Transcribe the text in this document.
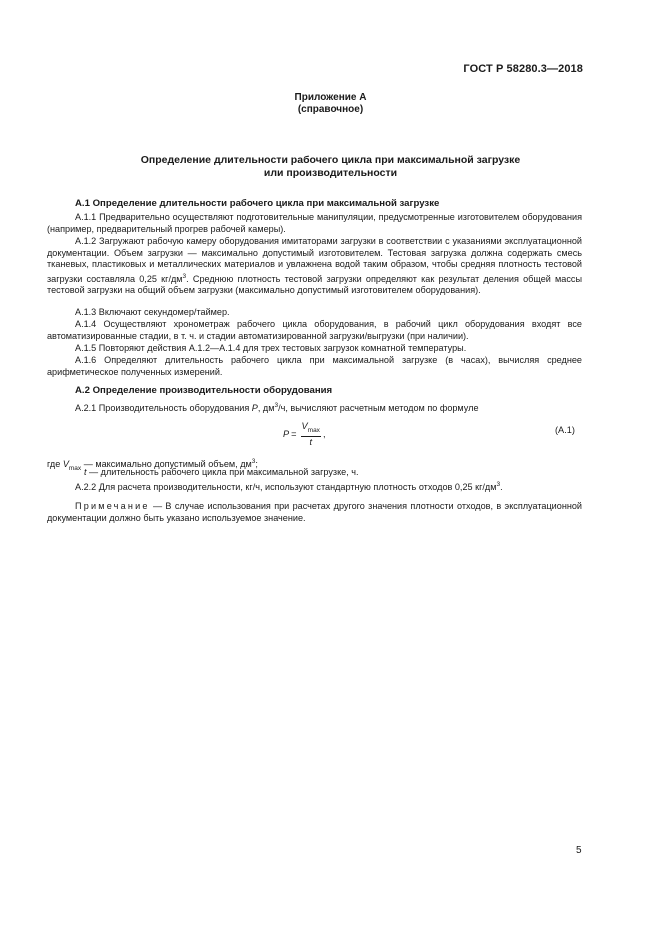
ГОСТ Р 58280.3—2018
Приложение А
(справочное)
Определение длительности рабочего цикла при максимальной загрузке
или производительности
А.1 Определение длительности рабочего цикла при максимальной загрузке
А.1.1 Предварительно осуществляют подготовительные манипуляции, предусмотренные изготовителем оборудования (например, предварительный прогрев рабочей камеры).
А.1.2 Загружают рабочую камеру оборудования имитаторами загрузки в соответствии с указаниями эксплуатационной документации. Объем загрузки — максимально допустимый изготовителем. Тестовая загрузка должна содержать смесь тканевых, пластиковых и металлических материалов и увлажнена водой таким образом, чтобы средняя плотность тестовой загрузки составляла 0,25 $кг/дм^3$. Среднюю плотность тестовой загрузки определяют как результат деления общей массы тестовой загрузки на общий объем загрузки (максимально допустимый изготовителем оборудования).
А.1.3 Включают секундомер/таймер.
А.1.4 Осуществляют хронометраж рабочего цикла оборудования, в рабочий цикл оборудования входят все автоматизированные стадии, в т. ч. и стадии автоматизированной загрузки/выгрузки (при наличии).
А.1.5 Повторяют действия А.1.2—А.1.4 для трех тестовых загрузок комнатной температуры.
А.1.6 Определяют длительность рабочего цикла при максимальной загрузке (в часах), вычисляя среднее арифметическое полученных измерений.
А.2 Определение производительности оборудования
А.2.1 Производительность оборудования Р, $дм^3/ч$, вычисляют расчетным методом по формуле
$P = \frac{V_{max}}{t}$ ,	(А.1)
где $V_{max}$ — максимально допустимый объем, $дм^3$;
t — длительность рабочего цикла при максимальной загрузке, ч.
А.2.2 Для расчета производительности, кг/ч, используют стандартную плотность отходов 0,25 $кг/дм^3$.
Примечание — В случае использования при расчетах другого значения плотности отходов, в эксплуатационной документации должно быть указано используемое значение.
5
